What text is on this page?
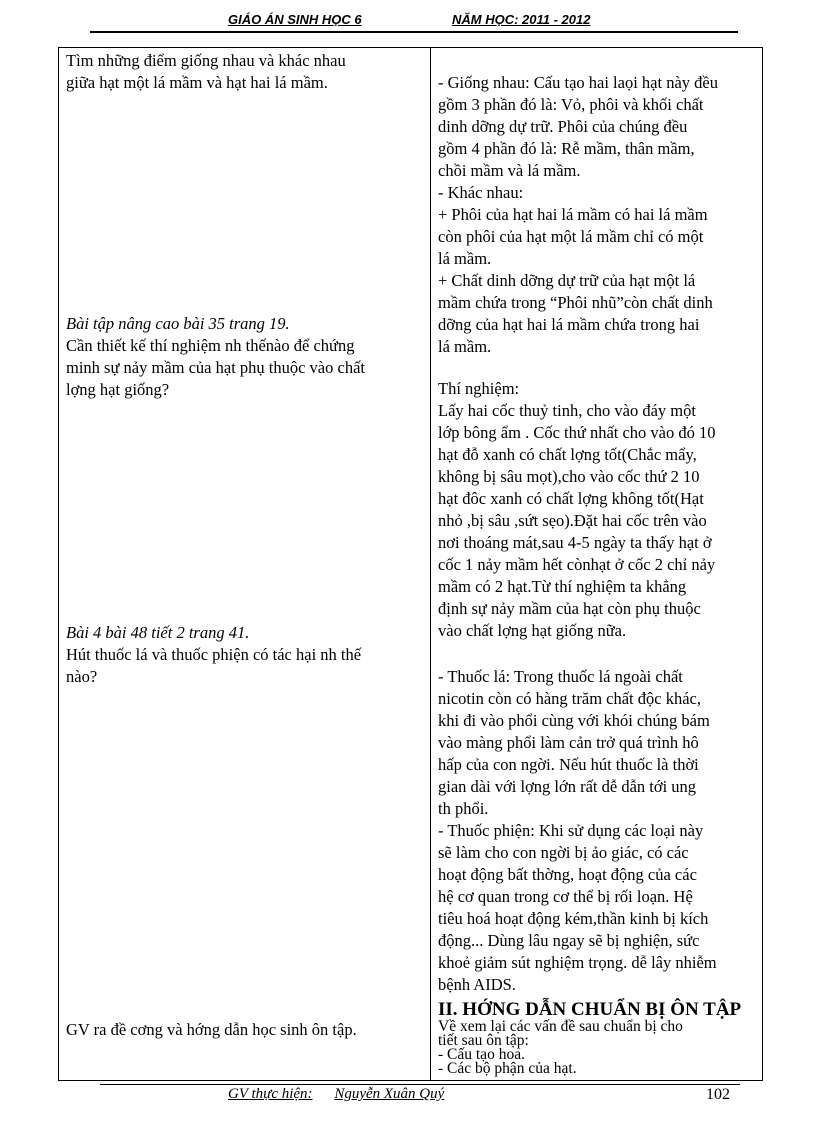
GIÁO ÁN SINH HỌC 6	NĂM HỌC: 2011 - 2012
Tìm những điểm giống nhau và khác nhau
giữa hạt một lá mầm và hạt hai lá mầm.
Bài tập nâng cao bài 35 trang 19.
Cần thiết kế thí nghiệm nh thếnào để chứng
minh sự nảy mầm của hạt phụ thuộc vào chất
lợng hạt giống?
Bài 4 bài 48 tiết 2 trang 41.
Hút thuốc lá và thuốc phiện có tác hại nh thế
nào?
GV ra đề cơng và hớng dẫn học sinh ôn tập.
- Giống nhau: Cấu tạo hai laọi hạt này đều
gồm 3 phần đó là: Vỏ, phôi và khối chất
dinh dỡng dự trữ. Phôi của chúng đều
gồm 4 phần đó là: Rễ mầm, thân mầm,
chồi mầm và lá mầm.
- Khác nhau:
+ Phôi của hạt hai lá mầm có hai lá mầm
còn phôi của hạt một lá mầm chỉ có một
lá mầm.
+ Chất dinh dỡng dự trữ của hạt một lá
mầm chứa trong “Phôi nhũ”còn chất dinh
dỡng của hạt hai lá mầm chứa trong hai
lá mầm.
Thí nghiệm:
Lấy hai cốc thuỷ tinh, cho vào đáy một
lớp bông ẩm . Cốc thứ nhất cho vào đó 10
hạt đỗ xanh có chất lợng tốt(Chắc mẩy,
không bị sâu mọt),cho vào cốc thứ 2 10
hạt đôc xanh có chất lợng không tốt(Hạt
nhỏ ,bị sâu ,sứt sẹo).Đặt hai cốc trên vào
nơi thoáng mát,sau 4-5 ngày ta thấy hạt ở
cốc 1 nảy mầm hết cònhạt ở cốc 2 chỉ nảy
mầm có 2 hạt.Từ thí nghiệm ta khẳng
định sự nảy mầm của hạt còn phụ thuộc
vào chất lợng hạt giống nữa.
- Thuốc lá: Trong thuốc lá ngoài chất
nicotin còn có hàng trăm chất độc khác,
khi đi vào phổi cùng với khói chúng bám
vào màng phổi làm cản trở quá trình hô
hấp của con ngời. Nếu hút thuốc là thời
gian dài với lợng lớn rất dễ dẫn tới ung
th phổi.
- Thuốc phiện: Khi sử dụng các loại này
sẽ làm cho con ngời bị ảo giác, có các
hoạt động bất thờng, hoạt động của các
hệ cơ quan trong cơ thể bị rối loạn. Hệ
tiêu hoá hoạt động kém,thần kinh bị kích
động... Dùng lâu ngay sẽ bị nghiện, sức
khoẻ giảm sút nghiệm trọng. dễ lây nhiễm
bệnh AIDS.
II. HỚNG DẪN CHUẨN BỊ ÔN TẬP
Về xem lại các vấn đề sau chuẩn bị cho
tiết sau ôn tập:
- Cấu tạo hoa.
- Các bộ phận của hạt.
GV thực hiện: Nguyễn Xuân Quý	102
